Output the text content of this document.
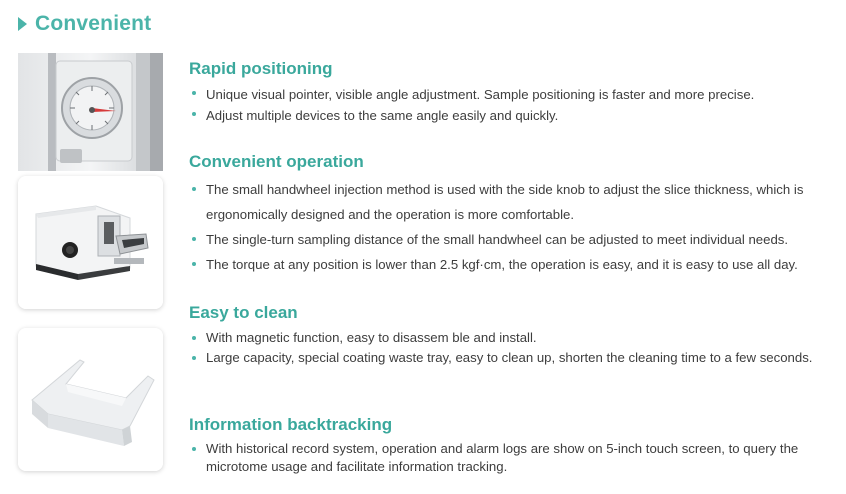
Convenient
Rapid positioning
Unique visual pointer, visible angle adjustment. Sample positioning is faster and more precise.
Adjust multiple devices to the same angle easily and quickly.
Convenient operation
The small handwheel injection method is used with the side knob to adjust the slice thickness, which is ergonomically designed and the operation is more comfortable.
The single-turn sampling distance of the small handwheel can be adjusted to meet individual needs.
The torque at any position is lower than 2.5 kgf·cm, the operation is easy, and it is easy to use all day.
Easy to clean
With magnetic function, easy to disassem ble and install.
Large capacity, special coating waste tray, easy to clean up, shorten the cleaning time to a few seconds.
Information backtracking
With historical record system, operation and alarm logs are show on 5-inch touch screen, to query the microtome usage and facilitate information tracking.
